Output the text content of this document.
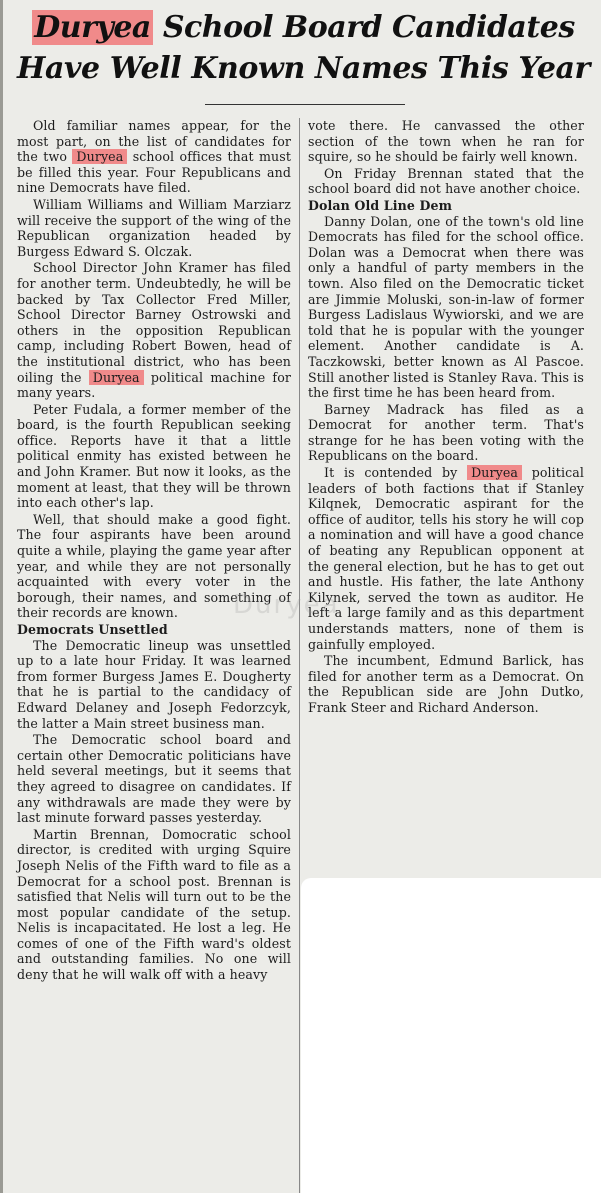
Duryea School Board Candidates
Have Well Known Names This Year

Old familiar names appear, for the most part, on the list of candidates for the two Duryea school offices that must be filled this year. Four Republicans and nine Democrats have filed.

William Williams and William Marziarz will receive the support of the wing of the Republican organization headed by Burgess Edward S. Olczak.

School Director John Kramer has filed for another term. Undeubtedly, he will be backed by Tax Collector Fred Miller, School Director Barney Ostrowski and others in the opposition Republican camp, including Robert Bowen, head of the institutional district, who has been oiling the Duryea political machine for many years.

Peter Fudala, a former member of the board, is the fourth Republican seeking office. Reports have it that a little political enmity has existed between he and John Kramer. But now it looks, as the moment at least, that they will be thrown into each other's lap.

Well, that should make a good fight. The four aspirants have been around quite a while, playing the game year after year, and while they are not personally acquainted with every voter in the borough, their names, and something of their records are known.

Democrats Unsettled

The Democratic lineup was unsettled up to a late hour Friday. It was learned from former Burgess James E. Dougherty that he is partial to the candidacy of Edward Delaney and Joseph Fedorzcyk, the latter a Main street business man.

The Democratic school board and certain other Democratic politicians have held several meetings, but it seems that they agreed to disagree on candidates. If any withdrawals are made they were by last minute forward passes yesterday.

Martin Brennan, Domocratic school director, is credited with urging Squire Joseph Nelis of the Fifth ward to file as a Democrat for a school post. Brennan is satisfied that Nelis will turn out to be the most popular candidate of the setup. Nelis is incapacitated. He lost a leg. He comes of one of the Fifth ward's oldest and outstanding families. No one will deny that he will walk off with a heavy

vote there. He canvassed the other section of the town when he ran for squire, so he should be fairly well known.

On Friday Brennan stated that the school board did not have another choice.

Dolan Old Line Dem

Danny Dolan, one of the town's old line Democrats has filed for the school office. Dolan was a Democrat when there was only a handful of party members in the town. Also filed on the Democratic ticket are Jimmie Moluski, son-in-law of former Burgess Ladislaus Wywiorski, and we are told that he is popular with the younger element. Another candidate is A. Taczkowski, better known as Al Pascoe. Still another listed is Stanley Rava. This is the first time he has been heard from.

Barney Madrack has filed as a Democrat for another term. That's strange for he has been voting with the Republicans on the board.

It is contended by Duryea political leaders of both factions that if Stanley Kilqnek, Democratic aspirant for the office of auditor, tells his story he will cop a nomination and will have a good chance of beating any Republican opponent at the general election, but he has to get out and hustle. His father, the late Anthony Kilynek, served the town as auditor. He left a large family and as this department understands matters, none of them is gainfully employed.

The incumbent, Edmund Barlick, has filed for another term as a Democrat. On the Republican side are John Dutko, Frank Steer and Richard Anderson.

Duryea
